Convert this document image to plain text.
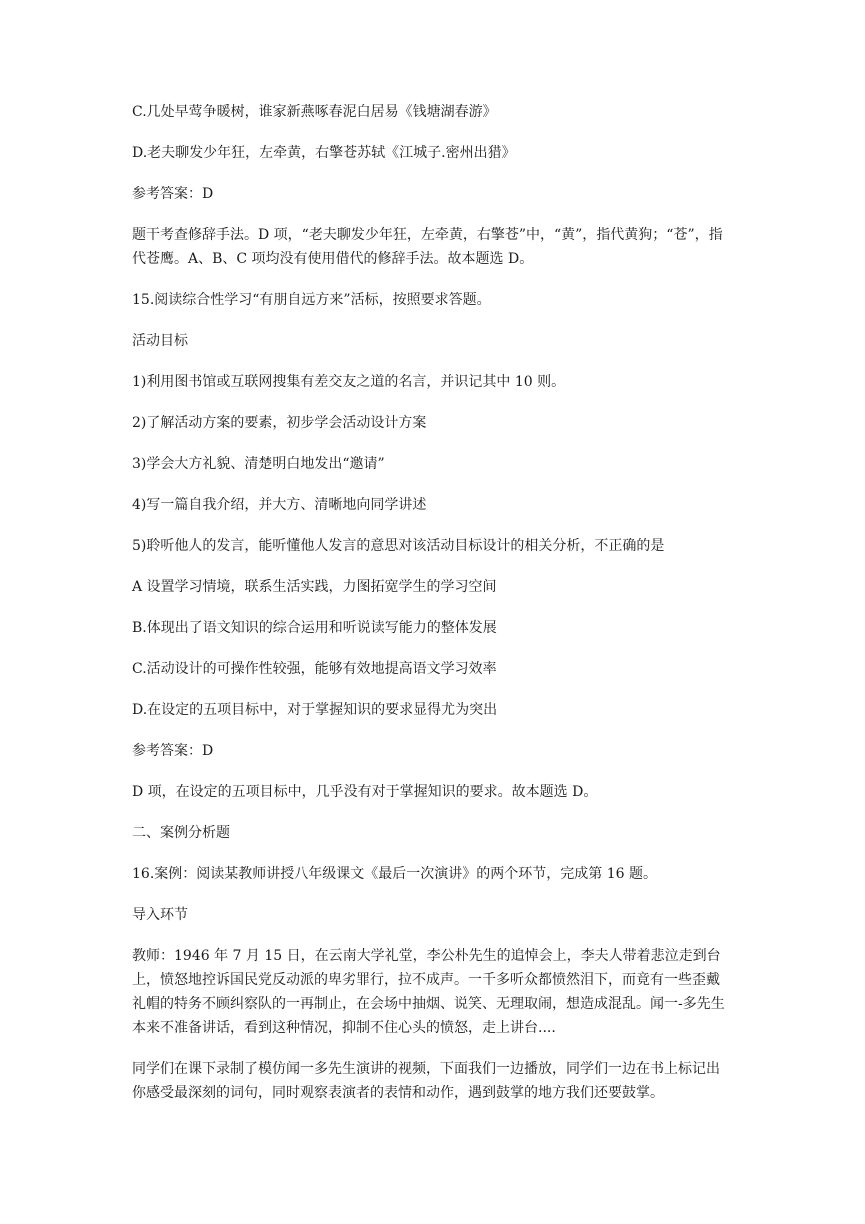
C.几处早莺争暖树，谁家新燕啄春泥白居易《钱塘湖春游》

D.老夫聊发少年狂，左牵黄，右擎苍苏轼《江城子.密州出猎》

参考答案：D

题干考查修辞手法。D 项，“老夫聊发少年狂，左牵黄，右擎苍”中，“黄”，指代黄狗；“苍”，指代苍鹰。A、B、C 项均没有使用借代的修辞手法。故本题选 D。

15.阅读综合性学习“有朋自远方来”活标，按照要求答题。

活动目标

1)利用图书馆或互联网搜集有差交友之道的名言，并识记其中 10 则。

2)了解活动方案的要素，初步学会活动设计方案

3)学会大方礼貌、清楚明白地发出“邀请”

4)写一篇自我介绍，并大方、清晰地向同学讲述

5)聆听他人的发言，能听懂他人发言的意思对该活动目标设计的相关分析，不正确的是

A 设置学习情境，联系生活实践，力图拓宽学生的学习空间

B.体现出了语文知识的综合运用和听说读写能力的整体发展

C.活动设计的可操作性较强，能够有效地提高语文学习效率

D.在设定的五项目标中，对于掌握知识的要求显得尤为突出

参考答案：D

D 项，在设定的五项目标中，几乎没有对于掌握知识的要求。故本题选 D。

二、案例分析题

16.案例：阅读某教师讲授八年级课文《最后一次演讲》的两个环节，完成第 16 题。

导入环节

教师：1946 年 7 月 15 日，在云南大学礼堂，李公朴先生的追悼会上，李夫人带着悲泣走到台上，愤怒地控诉国民党反动派的卑劣罪行，拉不成声。一千多听众都愤然泪下，而竟有一些歪戴礼帽的特务不顾纠察队的一再制止，在会场中抽烟、说笑、无理取闹，想造成混乱。闻一-多先生本来不准备讲话，看到这种情况，抑制不住心头的愤怒，走上讲台....

同学们在课下录制了模仿闻一多先生演讲的视频，下面我们一边播放，同学们一边在书上标记出你感受最深刻的词句，同时观察表演者的表情和动作，遇到鼓掌的地方我们还要鼓掌。
